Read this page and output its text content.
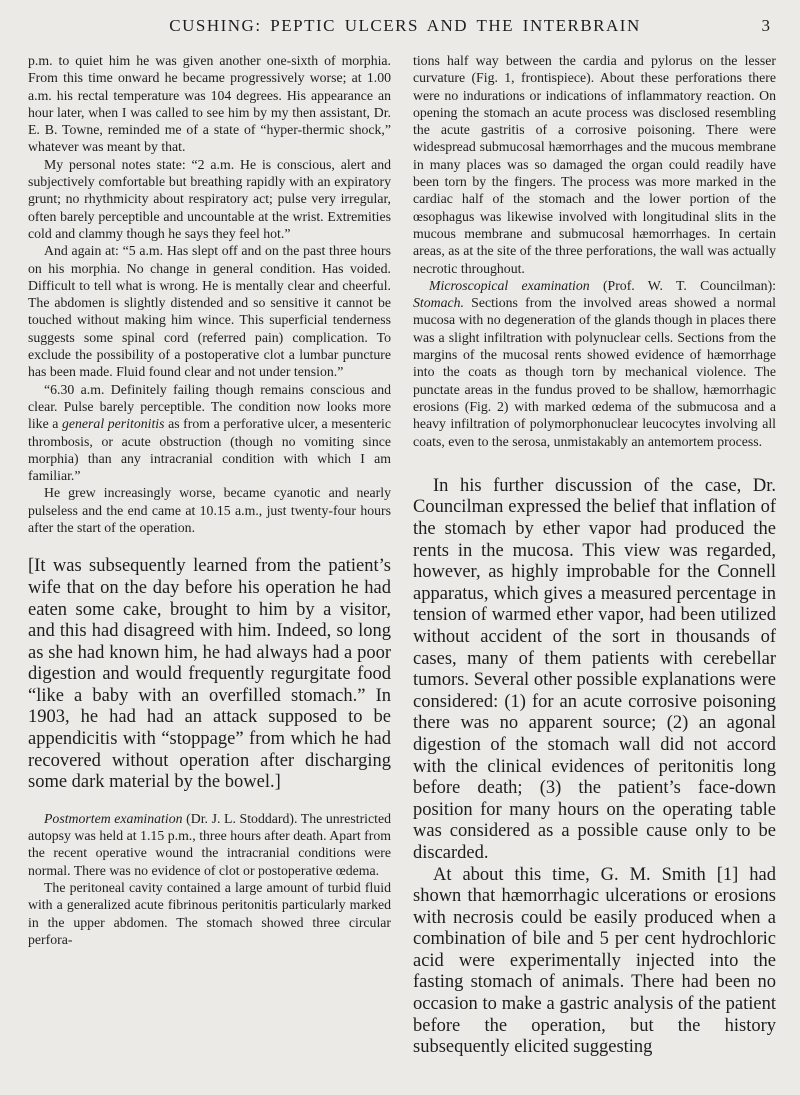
CUSHING: PEPTIC ULCERS AND THE INTERBRAIN	3

p.m. to quiet him he was given another one-sixth of morphia. From this time onward he became progressively worse; at 1.00 a.m. his rectal temperature was 104 degrees. His appearance an hour later, when I was called to see him by my then assistant, Dr. E. B. Towne, reminded me of a state of “hyper-thermic shock,” whatever was meant by that.

My personal notes state: “2 a.m. He is conscious, alert and subjectively comfortable but breathing rapidly with an expiratory grunt; no rhythmicity about respiratory act; pulse very irregular, often barely perceptible and uncountable at the wrist. Extremities cold and clammy though he says they feel hot.”

And again at: “5 a.m. Has slept off and on the past three hours on his morphia. No change in general condition. Has voided. Difficult to tell what is wrong. He is mentally clear and cheerful. The abdomen is slightly distended and so sensitive it cannot be touched without making him wince. This superficial tenderness suggests some spinal cord (referred pain) complication. To exclude the possibility of a postoperative clot a lumbar puncture has been made. Fluid found clear and not under tension.”

“6.30 a.m. Definitely failing though remains conscious and clear. Pulse barely perceptible. The condition now looks more like a general peritonitis as from a perforative ulcer, a mesenteric thrombosis, or acute obstruction (though no vomiting since morphia) than any intracranial condition with which I am familiar.”

He grew increasingly worse, became cyanotic and nearly pulseless and the end came at 10.15 a.m., just twenty-four hours after the start of the operation.

[It was subsequently learned from the patient’s wife that on the day before his operation he had eaten some cake, brought to him by a visitor, and this had disagreed with him. Indeed, so long as she had known him, he had always had a poor digestion and would frequently regurgitate food “like a baby with an overfilled stomach.” In 1903, he had had an attack supposed to be appendicitis with “stoppage” from which he had recovered without operation after discharging some dark material by the bowel.]

Postmortem examination (Dr. J. L. Stoddard). The unrestricted autopsy was held at 1.15 p.m., three hours after death. Apart from the recent operative wound the intracranial conditions were normal. There was no evidence of clot or postoperative œdema.

The peritoneal cavity contained a large amount of turbid fluid with a generalized acute fibrinous peritonitis particularly marked in the upper abdomen. The stomach showed three circular perfora-

tions half way between the cardia and pylorus on the lesser curvature (Fig. 1, frontispiece). About these perforations there were no indurations or indications of inflammatory reaction. On opening the stomach an acute process was disclosed resembling the acute gastritis of a corrosive poisoning. There were widespread submucosal hæmorrhages and the mucous membrane in many places was so damaged the organ could readily have been torn by the fingers. The process was more marked in the cardiac half of the stomach and the lower portion of the œsophagus was likewise involved with longitudinal slits in the mucous membrane and submucosal hæmorrhages. In certain areas, as at the site of the three perforations, the wall was actually necrotic throughout.

Microscopical examination (Prof. W. T. Councilman): Stomach. Sections from the involved areas showed a normal mucosa with no degeneration of the glands though in places there was a slight infiltration with polynuclear cells. Sections from the margins of the mucosal rents showed evidence of hæmorrhage into the coats as though torn by mechanical violence. The punctate areas in the fundus proved to be shallow, hæmorrhagic erosions (Fig. 2) with marked œdema of the submucosa and a heavy infiltration of polymorphonuclear leucocytes involving all coats, even to the serosa, unmistakably an antemortem process.

In his further discussion of the case, Dr. Councilman expressed the belief that inflation of the stomach by ether vapor had produced the rents in the mucosa. This view was regarded, however, as highly improbable for the Connell apparatus, which gives a measured percentage in tension of warmed ether vapor, had been utilized without accident of the sort in thousands of cases, many of them patients with cerebellar tumors. Several other possible explanations were considered: (1) for an acute corrosive poisoning there was no apparent source; (2) an agonal digestion of the stomach wall did not accord with the clinical evidences of peritonitis long before death; (3) the patient’s face-down position for many hours on the operating table was considered as a possible cause only to be discarded.

At about this time, G. M. Smith [1] had shown that hæmorrhagic ulcerations or erosions with necrosis could be easily produced when a combination of bile and 5 per cent hydrochloric acid were experimentally injected into the fasting stomach of animals. There had been no occasion to make a gastric analysis of the patient before the operation, but the history subsequently elicited suggesting
